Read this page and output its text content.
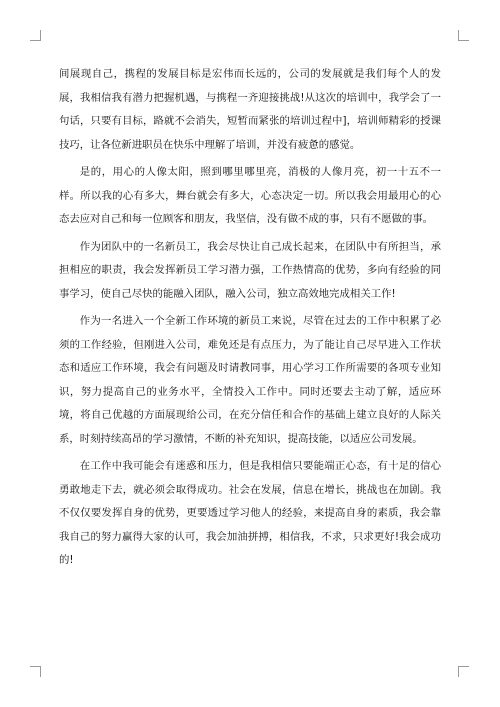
间展现自己，携程的发展目标是宏伟而长远的，公司的发展就是我们每个人的发展，我相信我有潜力把握机遇，与携程一齐迎接挑战!从这次的培训中，我学会了一句话，只要有目标，路就不会消失，短暂而紧张的培训过程中]，培训师精彩的授课技巧，让各位新进职员在快乐中理解了培训，并没有疲惫的感觉。

是的，用心的人像太阳，照到哪里哪里亮，消极的人像月亮，初一十五不一样。所以我的心有多大，舞台就会有多大，心态决定一切。所以我会用最用心的心态去应对自己和每一位顾客和朋友，我坚信，没有做不成的事，只有不愿做的事。

作为团队中的一名新员工，我会尽快让自己成长起来，在团队中有所担当，承担相应的职责，我会发挥新员工学习潜力强，工作热情高的优势，多向有经验的同事学习，使自己尽快的能融入团队，融入公司，独立高效地完成相关工作!

作为一名进入一个全新工作环境的新员工来说，尽管在过去的工作中积累了必须的工作经验，但刚进入公司，难免还是有点压力，为了能让自己尽早进入工作状态和适应工作环境，我会有问题及时请教同事，用心学习工作所需要的各项专业知识，努力提高自己的业务水平，全情投入工作中。同时还要去主动了解，适应环境，将自己优越的方面展现给公司，在充分信任和合作的基础上建立良好的人际关系，时刻持续高昂的学习激情，不断的补充知识，提高技能，以适应公司发展。

在工作中我可能会有迷惑和压力，但是我相信只要能端正心态，有十足的信心勇敢地走下去，就必须会取得成功。社会在发展，信息在增长，挑战也在加剧。我不仅仅要发挥自身的优势，更要透过学习他人的经验，来提高自身的素质，我会靠我自己的努力赢得大家的认可，我会加油拼搏，相信我，不求，只求更好!我会成功的!
